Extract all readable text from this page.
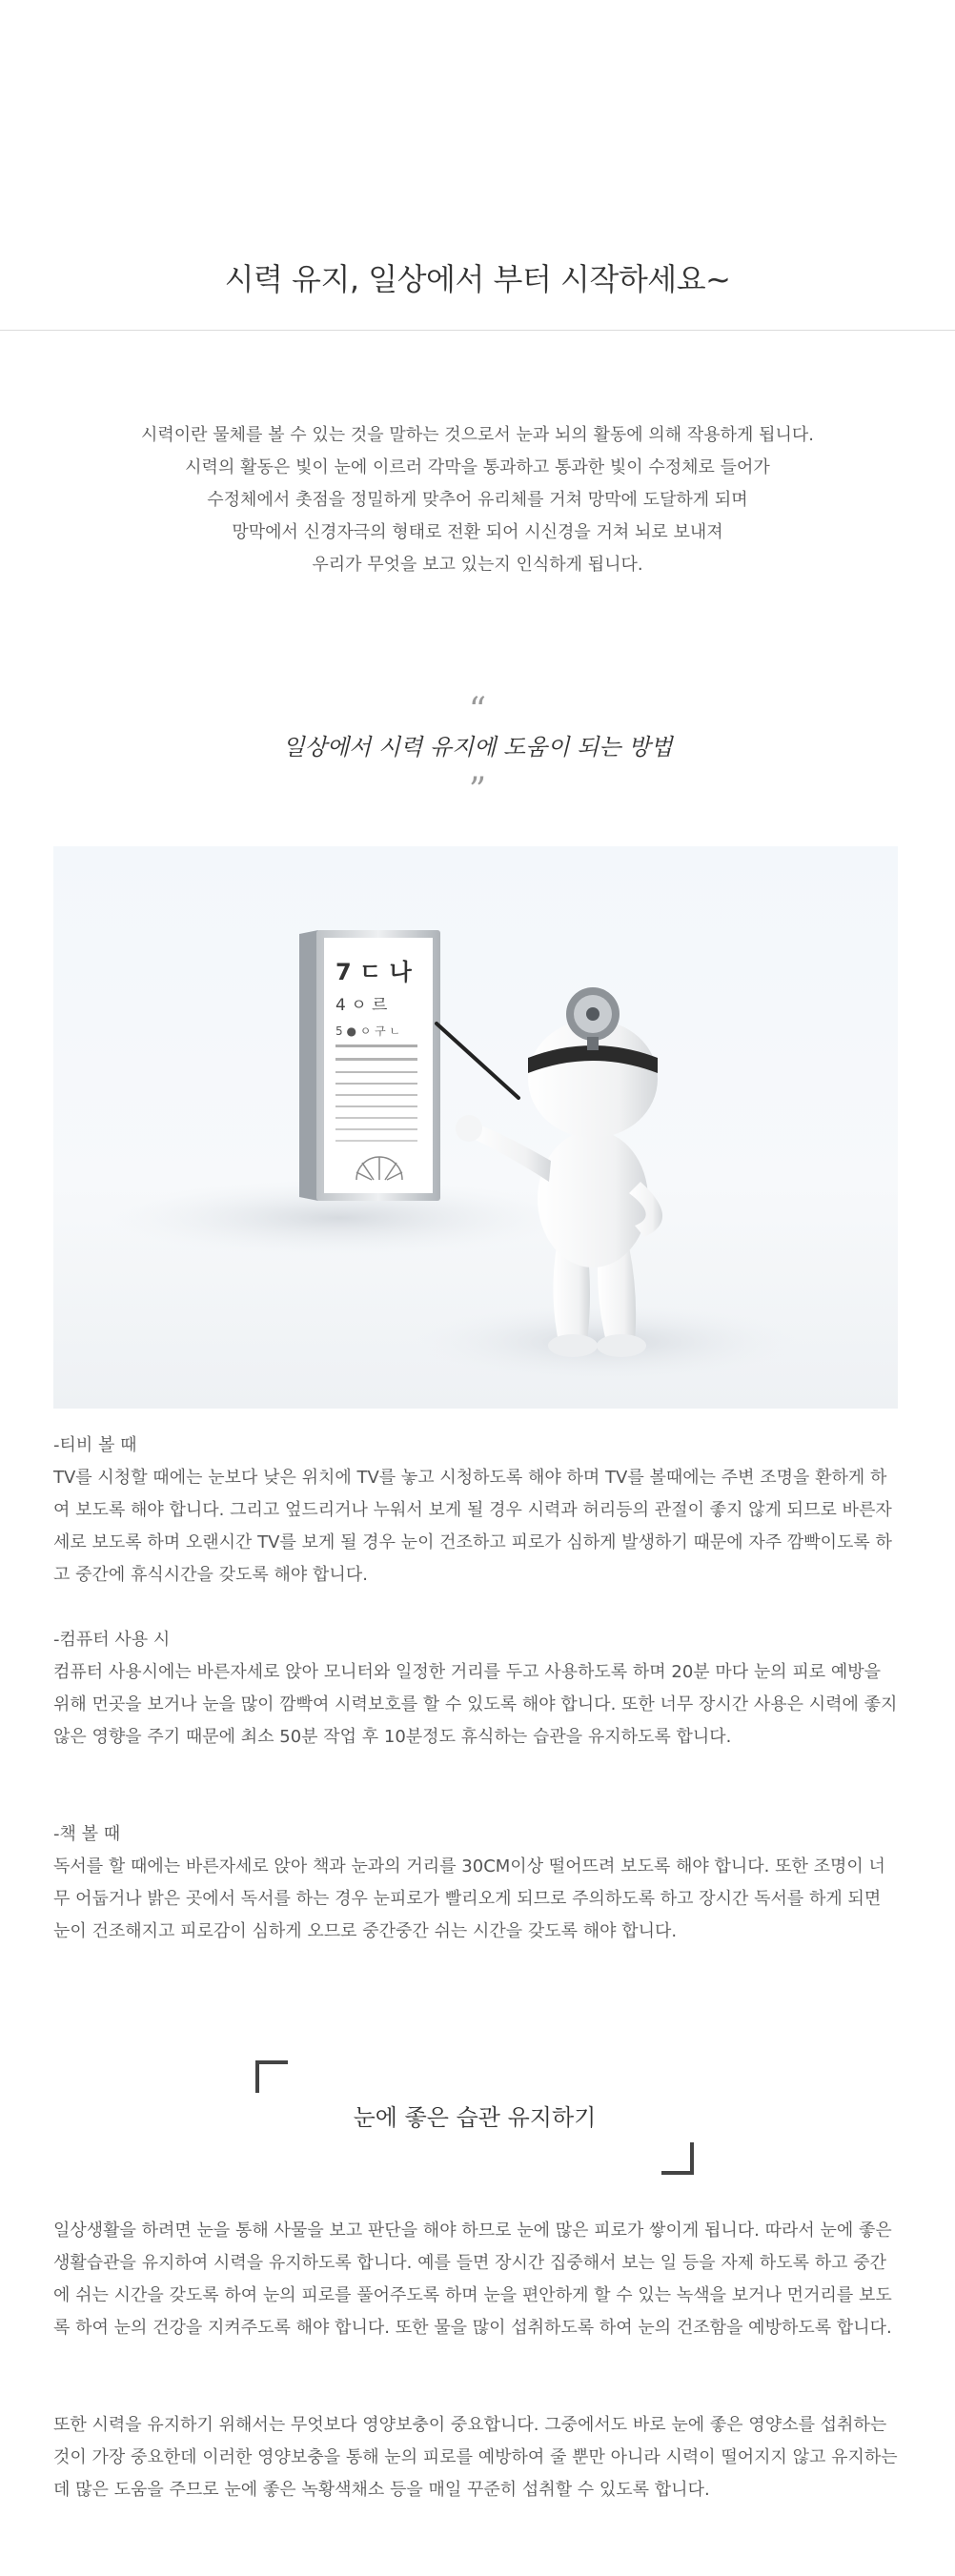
시력 유지, 일상에서 부터 시작하세요~

시력이란 물체를 볼 수 있는 것을 말하는 것으로서 눈과 뇌의 활동에 의해 작용하게 됩니다.

시력의 활동은 빛이 눈에 이르러 각막을 통과하고 통과한 빛이 수정체로 들어가

수정체에서 촛점을 정밀하게 맞추어 유리체를 거쳐 망막에 도달하게 되며

망막에서 신경자극의 형태로 전환 되어 시신경을 거쳐 뇌로 보내져

우리가 무엇을 보고 있는지 인식하게 됩니다.

“
일상에서 시력 유지에 도움이 되는 방법
”
7 ㄷ 나
4 ㅇ 르
5 ● ㅇ 구 ㄴ
-티비 볼 때

TV를 시청할 때에는 눈보다 낮은 위치에 TV를 놓고 시청하도록 해야 하며 TV를 볼때에는 주변 조명을 환하게 하여 보도록 해야 합니다. 그리고 엎드리거나 누워서 보게 될 경우 시력과 허리등의 관절이 좋지 않게 되므로 바른자세로 보도록 하며 오랜시간 TV를 보게 될 경우 눈이 건조하고 피로가 심하게 발생하기 때문에 자주 깜빡이도록 하고 중간에 휴식시간을 갖도록 해야 합니다.

-컴퓨터 사용 시

컴퓨터 사용시에는 바른자세로 앉아 모니터와 일정한 거리를 두고 사용하도록 하며 20분 마다 눈의 피로 예방을 위해 먼곳을 보거나 눈을 많이 깜빡여 시력보호를 할 수 있도록 해야 합니다. 또한 너무 장시간 사용은 시력에 좋지 않은 영향을 주기 때문에 최소 50분 작업 후 10분정도 휴식하는 습관을 유지하도록 합니다.

-책 볼 때

독서를 할 때에는 바른자세로 앉아 책과 눈과의 거리를 30CM이상 떨어뜨려 보도록 해야 합니다. 또한 조명이 너무 어둡거나 밝은 곳에서 독서를 하는 경우 눈피로가 빨리오게 되므로 주의하도록 하고 장시간 독서를 하게 되면 눈이 건조해지고 피로감이 심하게 오므로 중간중간 쉬는 시간을 갖도록 해야 합니다.

눈에 좋은 습관 유지하기

일상생활을 하려면 눈을 통해 사물을 보고 판단을 해야 하므로 눈에 많은 피로가 쌓이게 됩니다. 따라서 눈에 좋은 생활습관을 유지하여 시력을 유지하도록 합니다. 예를 들면 장시간 집중해서 보는 일 등을 자제 하도록 하고 중간에 쉬는 시간을 갖도록 하여 눈의 피로를 풀어주도록 하며 눈을 편안하게 할 수 있는 녹색을 보거나 먼거리를 보도록 하여 눈의 건강을 지켜주도록 해야 합니다. 또한 물을 많이 섭취하도록 하여 눈의 건조함을 예방하도록 합니다.

또한 시력을 유지하기 위해서는 무엇보다 영양보충이 중요합니다. 그중에서도 바로 눈에 좋은 영양소를 섭취하는 것이 가장 중요한데 이러한 영양보충을 통해 눈의 피로를 예방하여 줄 뿐만 아니라 시력이 떨어지지 않고 유지하는데 많은 도움을 주므로 눈에 좋은 녹황색채소 등을 매일 꾸준히 섭취할 수 있도록 합니다.
